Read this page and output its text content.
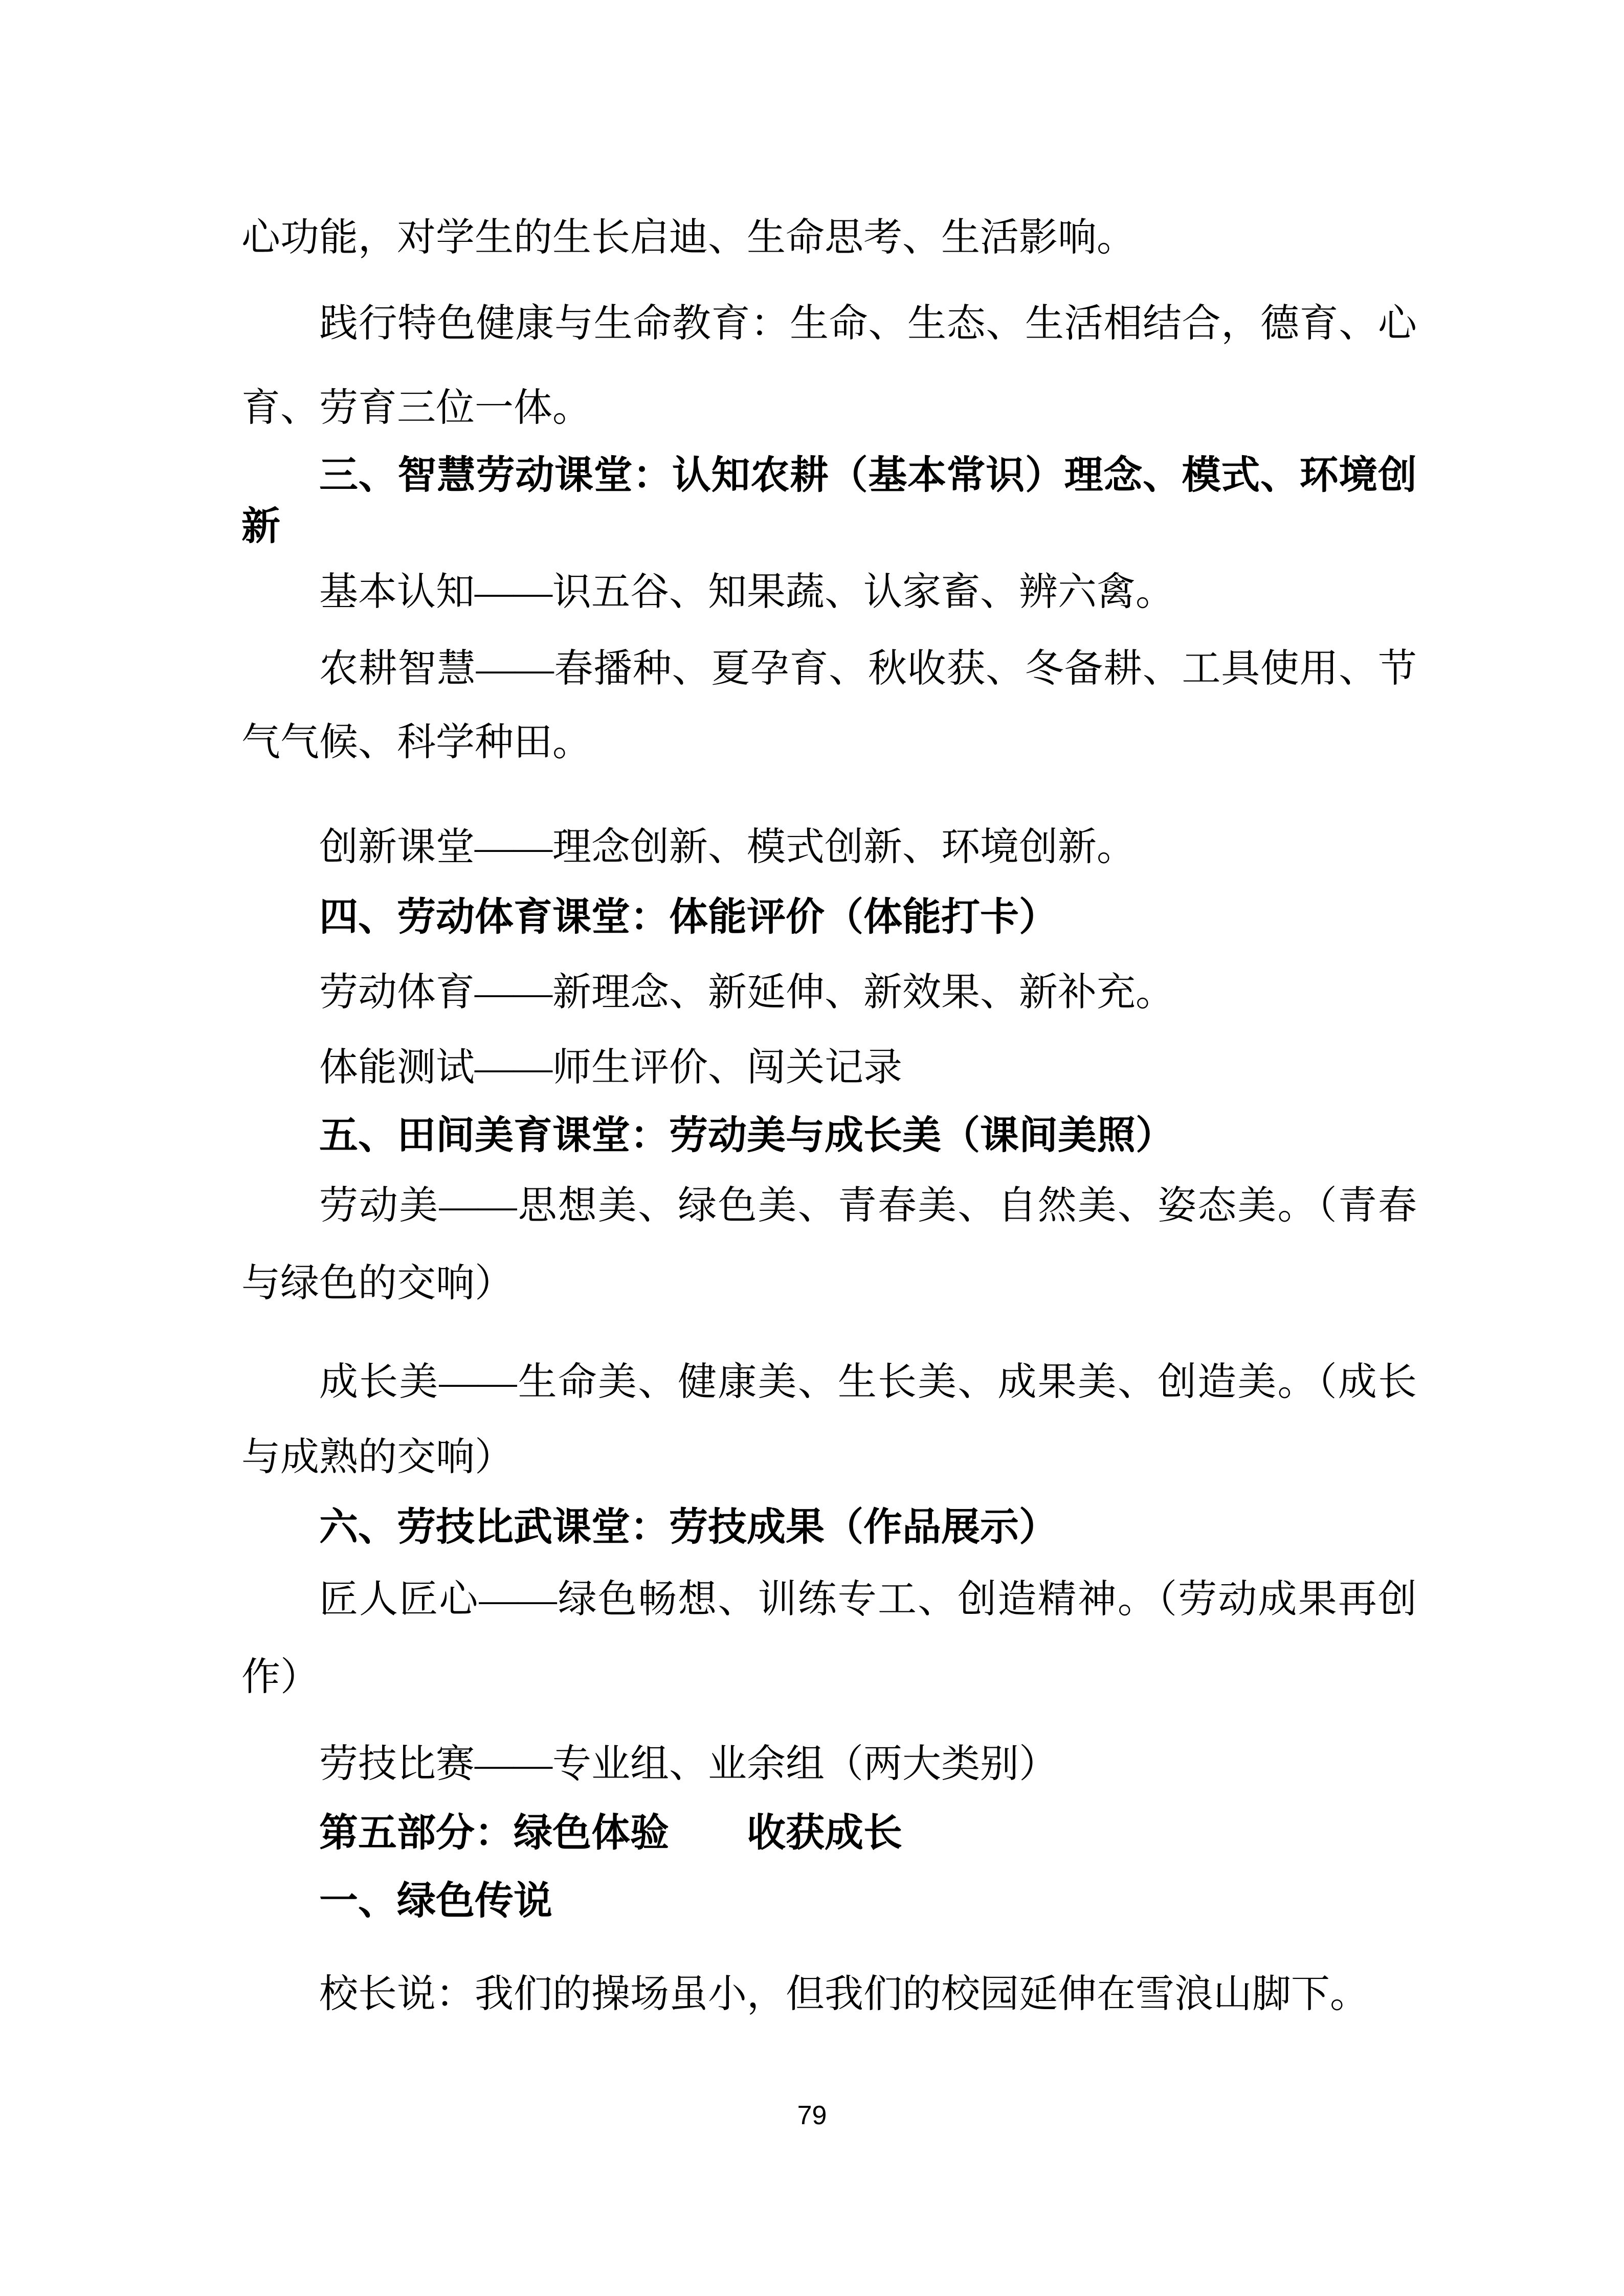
心功能，对学生的生长启迪、生命思考、生活影响。
践行特色健康与生命教育：生命、生态、生活相结合，德育、心
育、劳育三位一体。
三、智慧劳动课堂：认知农耕（基本常识）理念、模式、环境创
新
基本认知——识五谷、知果蔬、认家畜、辨六禽。
农耕智慧——春播种、夏孕育、秋收获、冬备耕、工具使用、节
气气候、科学种田。
创新课堂——理念创新、模式创新、环境创新。
四、劳动体育课堂：体能评价（体能打卡）
劳动体育——新理念、新延伸、新效果、新补充。
体能测试——师生评价、闯关记录
五、田间美育课堂：劳动美与成长美（课间美照）
劳动美——思想美、绿色美、青春美、自然美、姿态美。（青春
与绿色的交响）
成长美——生命美、健康美、生长美、成果美、创造美。（成长
与成熟的交响）
六、劳技比武课堂：劳技成果（作品展示）
匠人匠心——绿色畅想、训练专工、创造精神。（劳动成果再创
作）
劳技比赛——专业组、业余组（两大类别）
第五部分：绿色体验　　收获成长
一、绿色传说
校长说：我们的操场虽小，但我们的校园延伸在雪浪山脚下。
79
